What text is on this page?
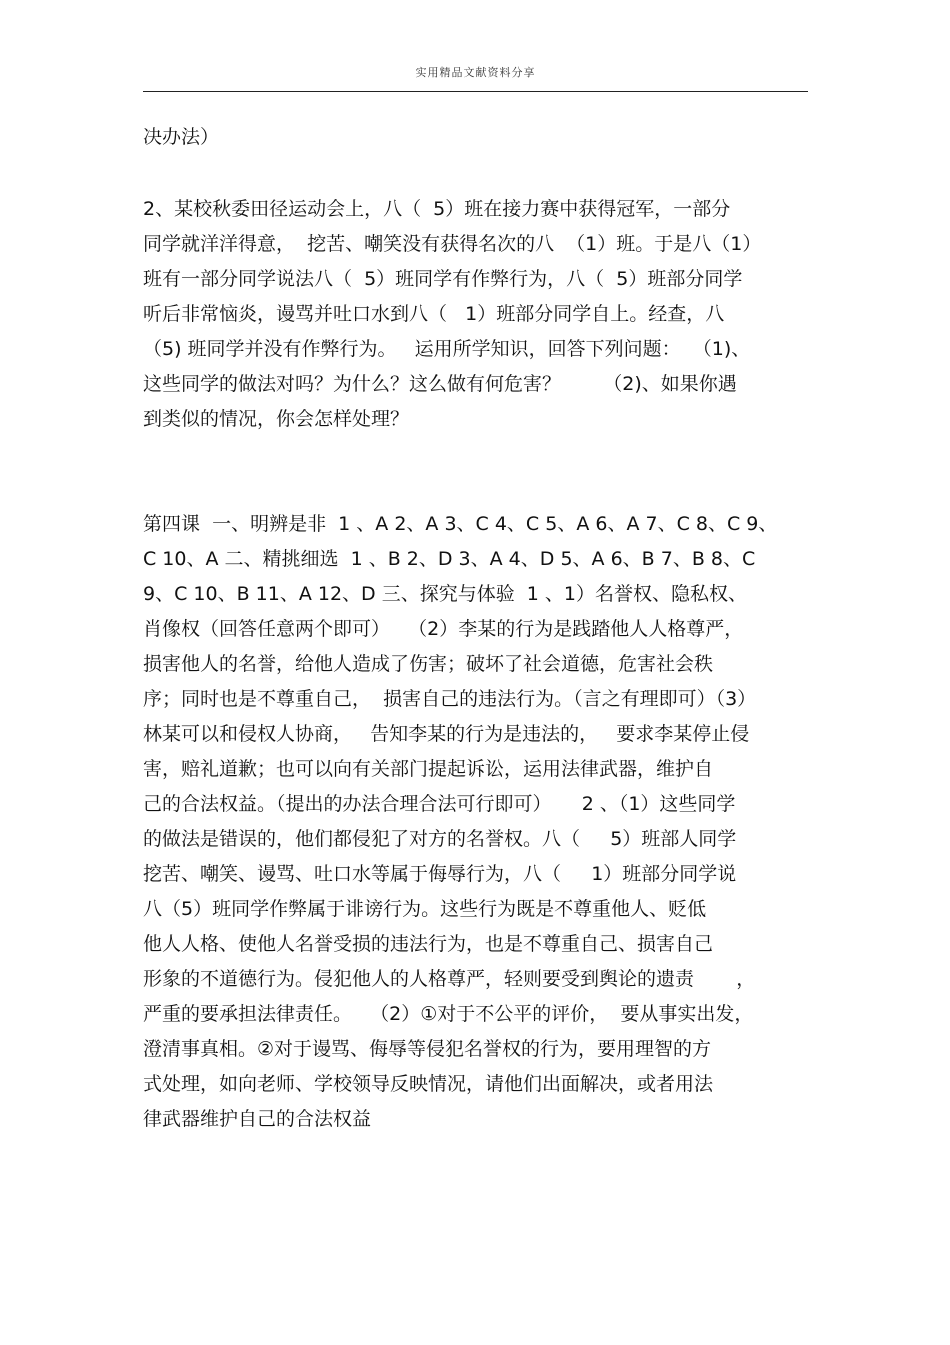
实用精品文献资料分享
决办法）
2、某校秋委田径运动会上，八（  5）班在接力赛中获得冠军，一部分
同学就洋洋得意，  挖苦、嘲笑没有获得名次的八  （1）班。于是八（1）
班有一部分同学说法八（  5）班同学有作弊行为，八（  5）班部分同学
听后非常恼炎，谩骂并吐口水到八（   1）班部分同学自上。经查，八
（5) 班同学并没有作弊行为。   运用所学知识，回答下列问题：  （1)、
这些同学的做法对吗？为什么？这么做有何危害？       （2)、如果你遇
到类似的情况，你会怎样处理？
第四课  一、明辨是非  1 、A 2、A 3、C 4、C 5、A 6、A 7、C 8、C 9、
C 10、A 二、精挑细选  1 、B 2、D 3、A 4、D 5、A 6、B 7、B 8、C
9、C 10、B 11、A 12、D 三、探究与体验  1 、1）名誉权、隐私权、
肖像权（回答任意两个即可）   （2）李某的行为是践踏他人人格尊严，
损害他人的名誉，给他人造成了伤害；破坏了社会道德，危害社会秩
序；同时也是不尊重自己，  损害自己的违法行为。（言之有理即可）（3）
林某可以和侵权人协商，   告知李某的行为是违法的，   要求李某停止侵
害，赔礼道歉；也可以向有关部门提起诉讼，运用法律武器，维护自
己的合法权益。（提出的办法合理合法可行即可）     2 、（1）这些同学
的做法是错误的，他们都侵犯了对方的名誉权。八（     5）班部人同学
挖苦、嘲笑、谩骂、吐口水等属于侮辱行为，八（     1）班部分同学说
八（5）班同学作弊属于诽谤行为。这些行为既是不尊重他人、贬低
他人人格、使他人名誉受损的违法行为，也是不尊重自己、损害自己
形象的不道德行为。侵犯他人的人格尊严，轻则要受到舆论的遗责       ，
严重的要承担法律责任。   （2）①对于不公平的评价，  要从事实出发，
澄清事真相。②对于谩骂、侮辱等侵犯名誉权的行为，要用理智的方
式处理，如向老师、学校领导反映情况，请他们出面解决，或者用法
律武器维护自己的合法权益
